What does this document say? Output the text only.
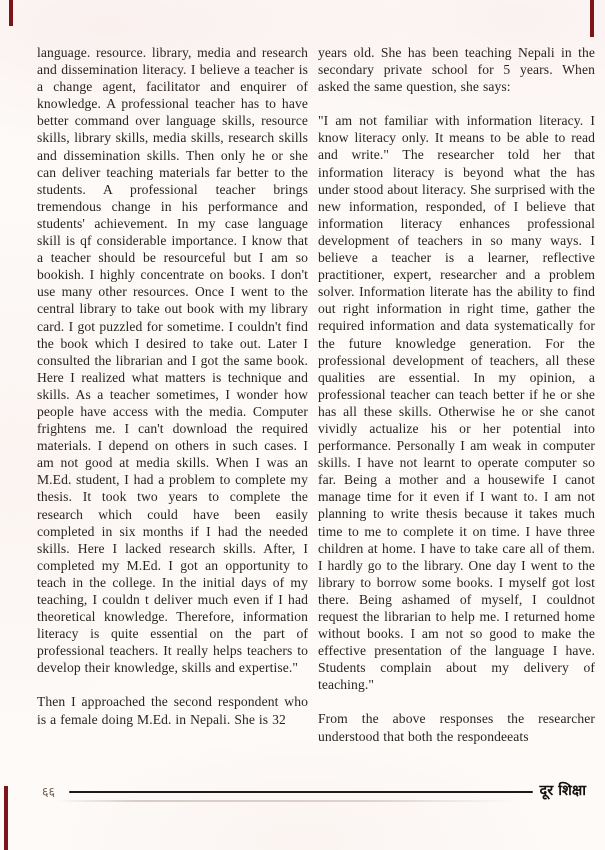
language. resource. library, media and research and dissemination literacy. I believe a teacher is a change agent, facilitator and enquirer of knowledge. A professional teacher has to have better command over language skills, resource skills, library skills, media skills, research skills and dissemination skills. Then only he or she can deliver teaching materials far better to the students. A professional teacher brings tremendous change in his performance and students' achievement. In my case language skill is qf considerable importance. I know that a teacher should be resourceful but I am so bookish. I highly concentrate on books. I don't use many other resources. Once I went to the central library to take out book with my library card. I got puzzled for sometime. I couldn't find the book which I desired to take out. Later I consulted the librarian and I got the same book. Here I realized what matters is technique and skills. As a teacher sometimes, I wonder how people have access with the media. Computer frightens me. I can't download the required materials. I depend on others in such cases. I am not good at media skills. When I was an M.Ed. student, I had a problem to complete my thesis. It took two years to complete the research which could have been easily completed in six months if I had the needed skills. Here I lacked research skills. After, I completed my M.Ed. I got an opportunity to teach in the college. In the initial days of my teaching, I couldn t deliver much even if I had theoretical knowledge. Therefore, information literacy is quite essential on the part of professional teachers. It really helps teachers to develop their knowledge, skills and expertise."

Then I approached the second respondent who is a female doing M.Ed. in Nepali. She is 32

years old. She has been teaching Nepali in the secondary private school for 5 years. When asked the same question, she says:

"I am not familiar with information literacy. I know literacy only. It means to be able to read and write." The researcher told her that information literacy is beyond what the has under stood about literacy. She surprised with the new information, responded, of I believe that information literacy enhances professional development of teachers in so many ways. I believe a teacher is a learner, reflective practitioner, expert, researcher and a problem solver. Information literate has the ability to find out right information in right time, gather the required information and data systematically for the future knowledge generation. For the professional development of teachers, all these qualities are essential. In my opinion, a professional teacher can teach better if he or she has all these skills. Otherwise he or she canot vividly actualize his or her potential into performance. Personally I am weak in computer skills. I have not learnt to operate computer so far. Being a mother and a housewife I canot manage time for it even if I want to. I am not planning to write thesis because it takes much time to me to complete it on time. I have three children at home. I have to take care all of them. I hardly go to the library. One day I went to the library to borrow some books. I myself got lost there. Being ashamed of myself, I couldnot request the librarian to help me. I returned home without books. I am not so good to make the effective presentation of the language I have. Students complain about my delivery of teaching."

From the above responses the researcher understood that both the respondeeats

६६	दूर शिक्षा
